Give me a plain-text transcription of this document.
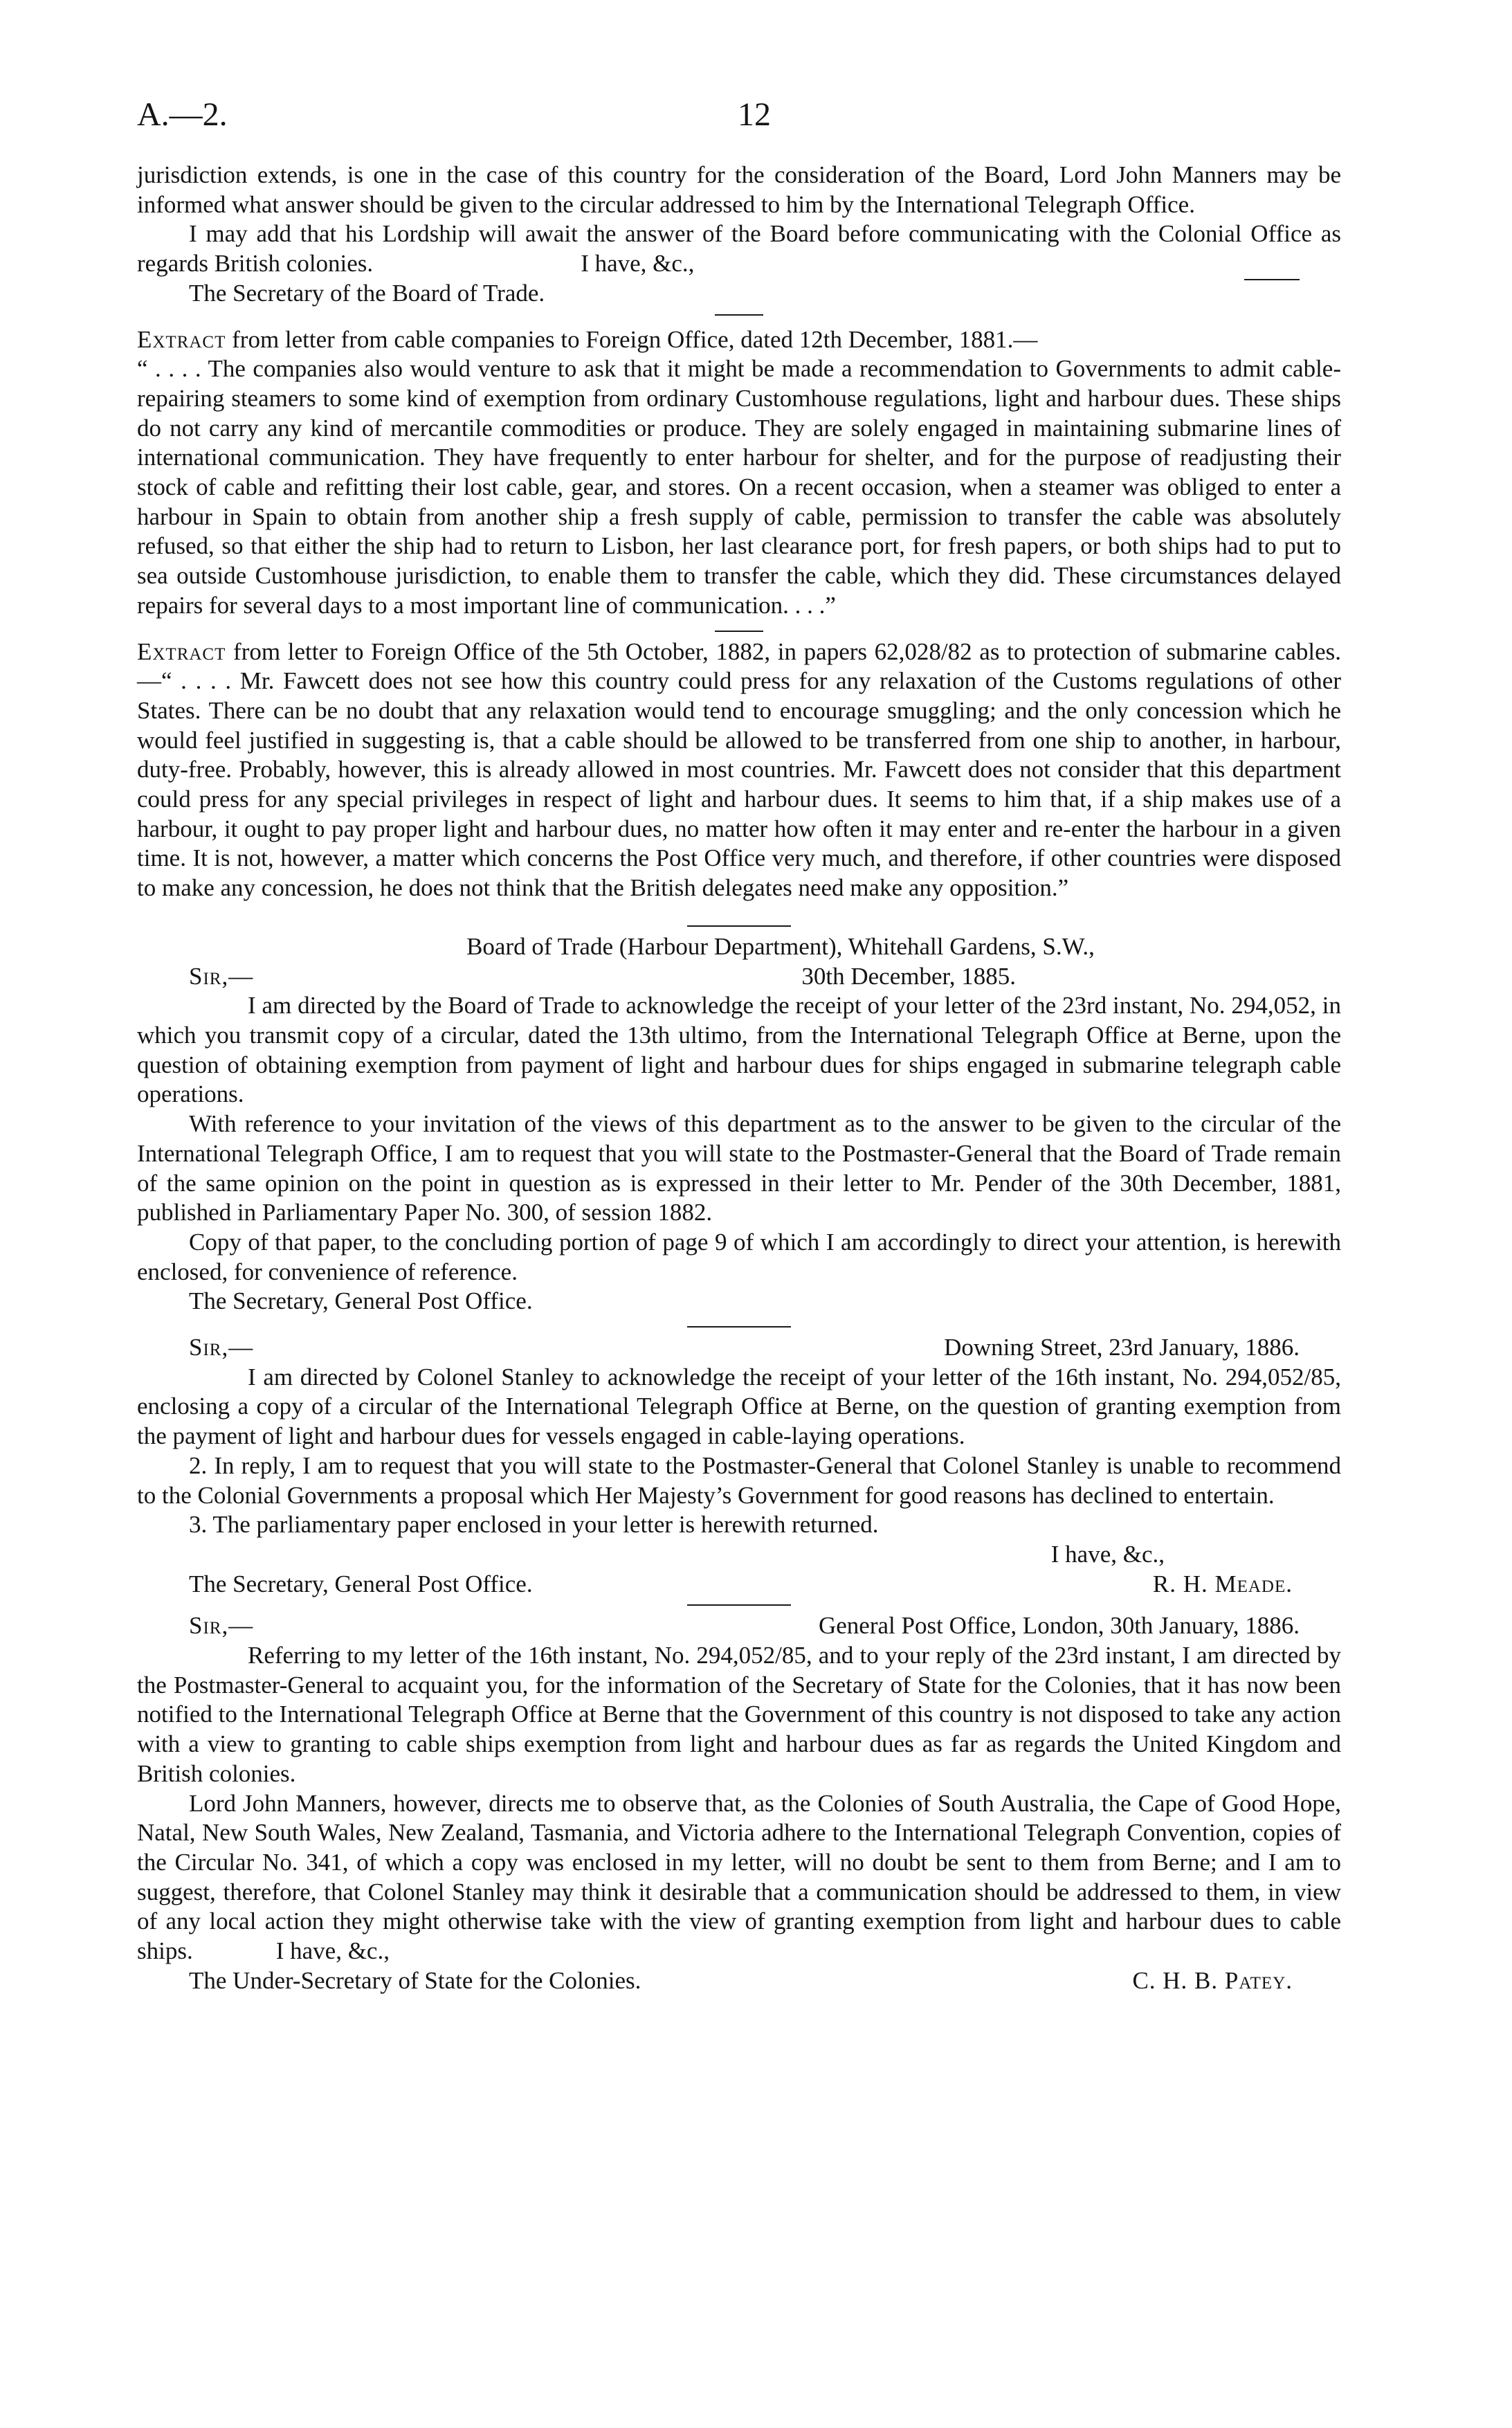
A.—2.	12

jurisdiction extends, is one in the case of this country for the consideration of the Board, Lord John Manners may be informed what answer should be given to the circular addressed to him by the International Telegraph Office.

I may add that his Lordship will await the answer of the Board before communicating with the Colonial Office as regards British colonies.	I have, &c.,

The Secretary of the Board of Trade.

Extract from letter from cable companies to Foreign Office, dated 12th December, 1881.—

“ . . . . The companies also would venture to ask that it might be made a recommendation to Governments to admit cable-repairing steamers to some kind of exemption from ordinary Customhouse regulations, light and harbour dues. These ships do not carry any kind of mercantile commodities or produce. They are solely engaged in maintaining submarine lines of international communication. They have frequently to enter harbour for shelter, and for the purpose of readjusting their stock of cable and refitting their lost cable, gear, and stores. On a recent occasion, when a steamer was obliged to enter a harbour in Spain to obtain from another ship a fresh supply of cable, permission to transfer the cable was absolutely refused, so that either the ship had to return to Lisbon, her last clearance port, for fresh papers, or both ships had to put to sea outside Customhouse jurisdiction, to enable them to transfer the cable, which they did. These circumstances delayed repairs for several days to a most important line of communication. . . .”

Extract from letter to Foreign Office of the 5th October, 1882, in papers 62,028/82 as to protection of submarine cables.—“ . . . . Mr. Fawcett does not see how this country could press for any relaxation of the Customs regulations of other States. There can be no doubt that any relaxation would tend to encourage smuggling; and the only concession which he would feel justified in suggesting is, that a cable should be allowed to be transferred from one ship to another, in harbour, duty-free. Probably, however, this is already allowed in most countries. Mr. Fawcett does not consider that this department could press for any special privileges in respect of light and harbour dues. It seems to him that, if a ship makes use of a harbour, it ought to pay proper light and harbour dues, no matter how often it may enter and re-enter the harbour in a given time. It is not, however, a matter which concerns the Post Office very much, and therefore, if other countries were disposed to make any concession, he does not think that the British delegates need make any opposition.”

Board of Trade (Harbour Department), Whitehall Gardens, S.W.,

Sir,—	30th December, 1885.

I am directed by the Board of Trade to acknowledge the receipt of your letter of the 23rd instant, No. 294,052, in which you transmit copy of a circular, dated the 13th ultimo, from the International Telegraph Office at Berne, upon the question of obtaining exemption from payment of light and harbour dues for ships engaged in submarine telegraph cable operations.

With reference to your invitation of the views of this department as to the answer to be given to the circular of the International Telegraph Office, I am to request that you will state to the Postmaster-General that the Board of Trade remain of the same opinion on the point in question as is expressed in their letter to Mr. Pender of the 30th December, 1881, published in Parliamentary Paper No. 300, of session 1882.

Copy of that paper, to the concluding portion of page 9 of which I am accordingly to direct your attention, is herewith enclosed, for convenience of reference.

The Secretary, General Post Office.

Sir,—	Downing Street, 23rd January, 1886.

I am directed by Colonel Stanley to acknowledge the receipt of your letter of the 16th instant, No. 294,052/85, enclosing a copy of a circular of the International Telegraph Office at Berne, on the question of granting exemption from the payment of light and harbour dues for vessels engaged in cable-laying operations.

2. In reply, I am to request that you will state to the Postmaster-General that Colonel Stanley is unable to recommend to the Colonial Governments a proposal which Her Majesty’s Government for good reasons has declined to entertain.

3. The parliamentary paper enclosed in your letter is herewith returned.

I have, &c.,

The Secretary, General Post Office.	R. H. Meade.
Sir,—	General Post Office, London, 30th January, 1886.

Referring to my letter of the 16th instant, No. 294,052/85, and to your reply of the 23rd instant, I am directed by the Postmaster-General to acquaint you, for the information of the Secretary of State for the Colonies, that it has now been notified to the International Telegraph Office at Berne that the Government of this country is not disposed to take any action with a view to granting to cable ships exemption from light and harbour dues as far as regards the United Kingdom and British colonies.

Lord John Manners, however, directs me to observe that, as the Colonies of South Australia, the Cape of Good Hope, Natal, New South Wales, New Zealand, Tasmania, and Victoria adhere to the International Telegraph Convention, copies of the Circular No. 341, of which a copy was enclosed in my letter, will no doubt be sent to them from Berne; and I am to suggest, therefore, that Colonel Stanley may think it desirable that a communication should be addressed to them, in view of any local action they might otherwise take with the view of granting exemption from light and harbour dues to cable ships.	I have, &c.,

The Under-Secretary of State for the Colonies.	C. H. B. Patey.
